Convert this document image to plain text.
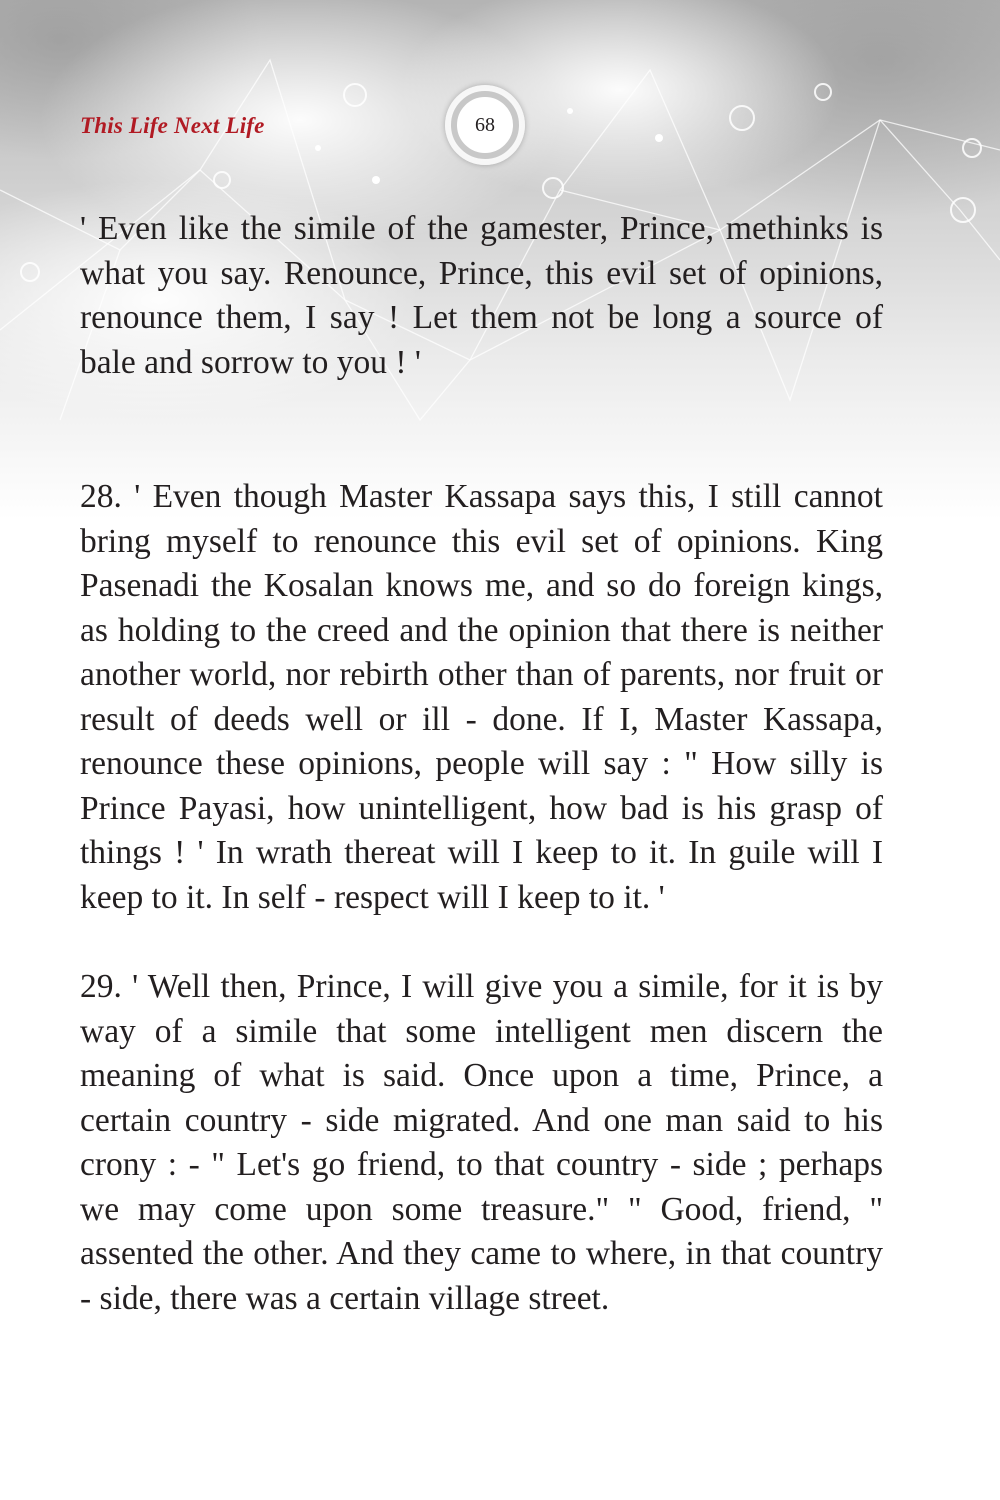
This Life Next Life	68

' Even like the simile of the gamester, Prince, methinks is what you say. Renounce, Prince, this evil set of opinions, renounce them, I say ! Let them not be long a source of bale and sorrow to you ! '

28. ' Even though Master Kassapa says this, I still cannot bring myself to renounce this evil set of opinions. King Pasenadi the Kosalan knows me, and so do foreign kings, as holding to the creed and the opinion that there is neither another world, nor rebirth other than of parents, nor fruit or result of deeds well or ill - done. If I, Master Kassapa, renounce these opinions, people will say : " How silly is Prince Payasi, how unintelligent, how bad is his grasp of things ! ' In wrath thereat will I keep to it. In guile will I keep to it. In self - respect will I keep to it. '

29. ' Well then, Prince, I will give you a simile, for it is by way of a simile that some intelligent men discern the meaning of what is said. Once upon a time, Prince, a certain country - side migrated. And one man said to his crony : - " Let's go friend, to that country - side ; perhaps we may come upon some treasure." " Good, friend, " assented the other. And they came to where, in that country - side, there was a certain village street.
